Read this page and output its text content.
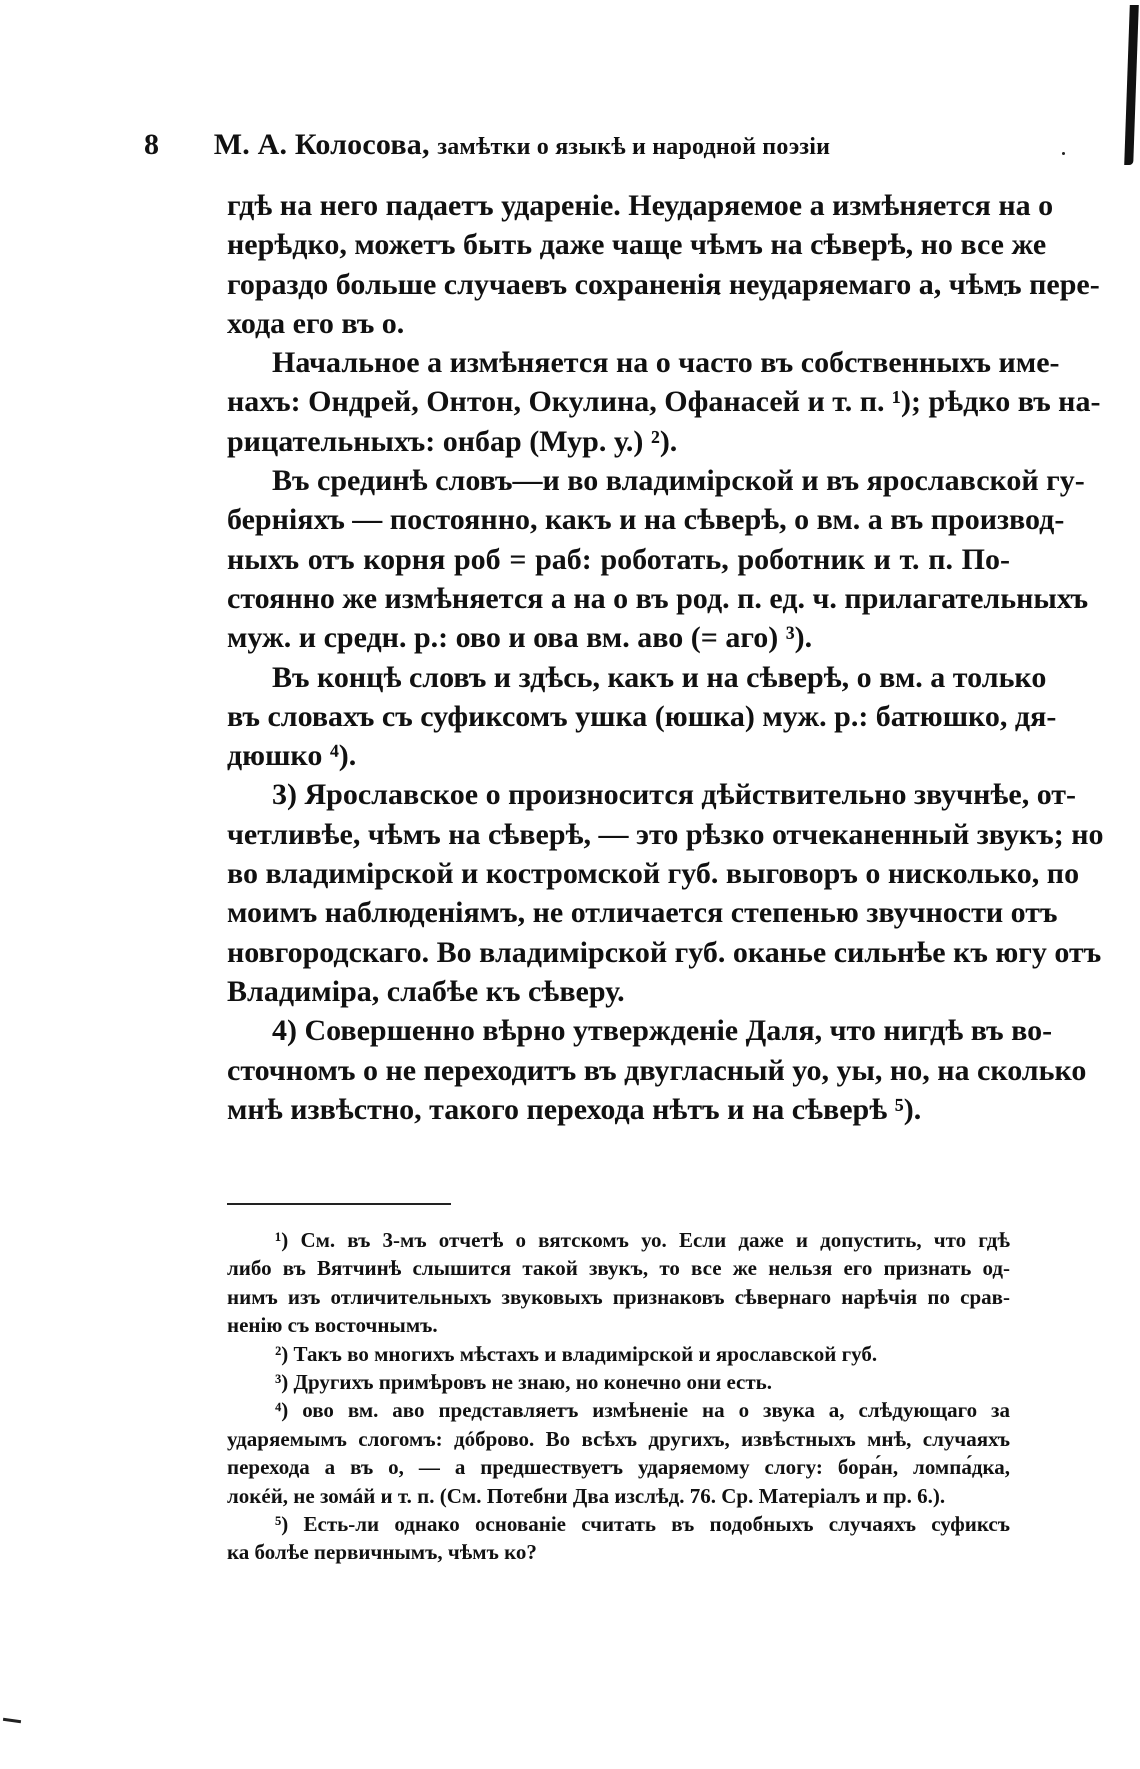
8 М. А. Колосова, замѣтки о языкѣ и народной поэзіи
гдѣ на него падаетъ удареніе. Неударяемое а измѣняется на о
нерѣдко, можетъ быть даже чаще чѣмъ на сѣверѣ, но все же
гораздо больше случаевъ сохраненія неударяемаго а, чѣмъ пере-
хода его въ о.
Начальное а измѣняется на о часто въ собственныхъ име-
нахъ: Ондрей, Онтон, Окулина, Офанасей и т. п. ¹); рѣдко въ на-
рицательныхъ: онбар (Мур. у.) ²).
Въ срединѣ словъ—и во владимірской и въ ярославской гу-
берніяхъ — постоянно, какъ и на сѣверѣ, о вм. а въ производ-
ныхъ отъ корня роб = раб: роботать, роботник и т. п. По-
стоянно же измѣняется а на о въ род. п. ед. ч. прилагательныхъ
муж. и средн. р.: ово и ова вм. аво (= аго) ³).
Въ концѣ словъ и здѣсь, какъ и на сѣверѣ, о вм. а только
въ словахъ съ суфиксомъ ушка (юшка) муж. р.: батюшко, дя-
дюшко ⁴).
3) Ярославское о произносится дѣйствительно звучнѣе, от-
четливѣе, чѣмъ на сѣверѣ, — это рѣзко отчеканенный звукъ; но
во владимірской и костромской губ. выговоръ о нисколько, по
моимъ наблюденіямъ, не отличается степенью звучности отъ
новгородскаго. Во владимірской губ. оканье сильнѣе къ югу отъ
Владиміра, слабѣе къ сѣверу.
4) Совершенно вѣрно утвержденіе Даля, что нигдѣ въ во-
сточномъ о не переходитъ въ двугласный уо, уы, но, на сколько
мнѣ извѣстно, такого перехода нѣтъ и на сѣверѣ ⁵).
¹) См. въ 3-мъ отчетѣ о вятскомъ уо. Если даже и допустить, что гдѣ
либо въ Вятчинѣ слышится такой звукъ, то все же нельзя его признать од-
нимъ изъ отличительныхъ звуковыхъ признаковъ сѣвернаго нарѣчія по срав-
ненію съ восточнымъ.
²) Такъ во многихъ мѣстахъ и владимірской и ярославской губ.
³) Другихъ примѣровъ не знаю, но конечно они есть.
⁴) ово вм. аво представляетъ измѣненіе на о звука а, слѣдующаго за
ударяемымъ слогомъ: дóброво. Во всѣхъ другихъ, извѣстныхъ мнѣ, случаяхъ
перехода а въ о, — а предшествуетъ ударяемому слогу: бора́н, ломпа́дка,
локéй, не зомáй и т. п. (См. Потебни Два изслѣд. 76. Ср. Матеріалъ и пр. 6.).
⁵) Есть-ли однако основаніе считать въ подобныхъ случаяхъ суфиксъ
ка болѣе первичнымъ, чѣмъ ко?
